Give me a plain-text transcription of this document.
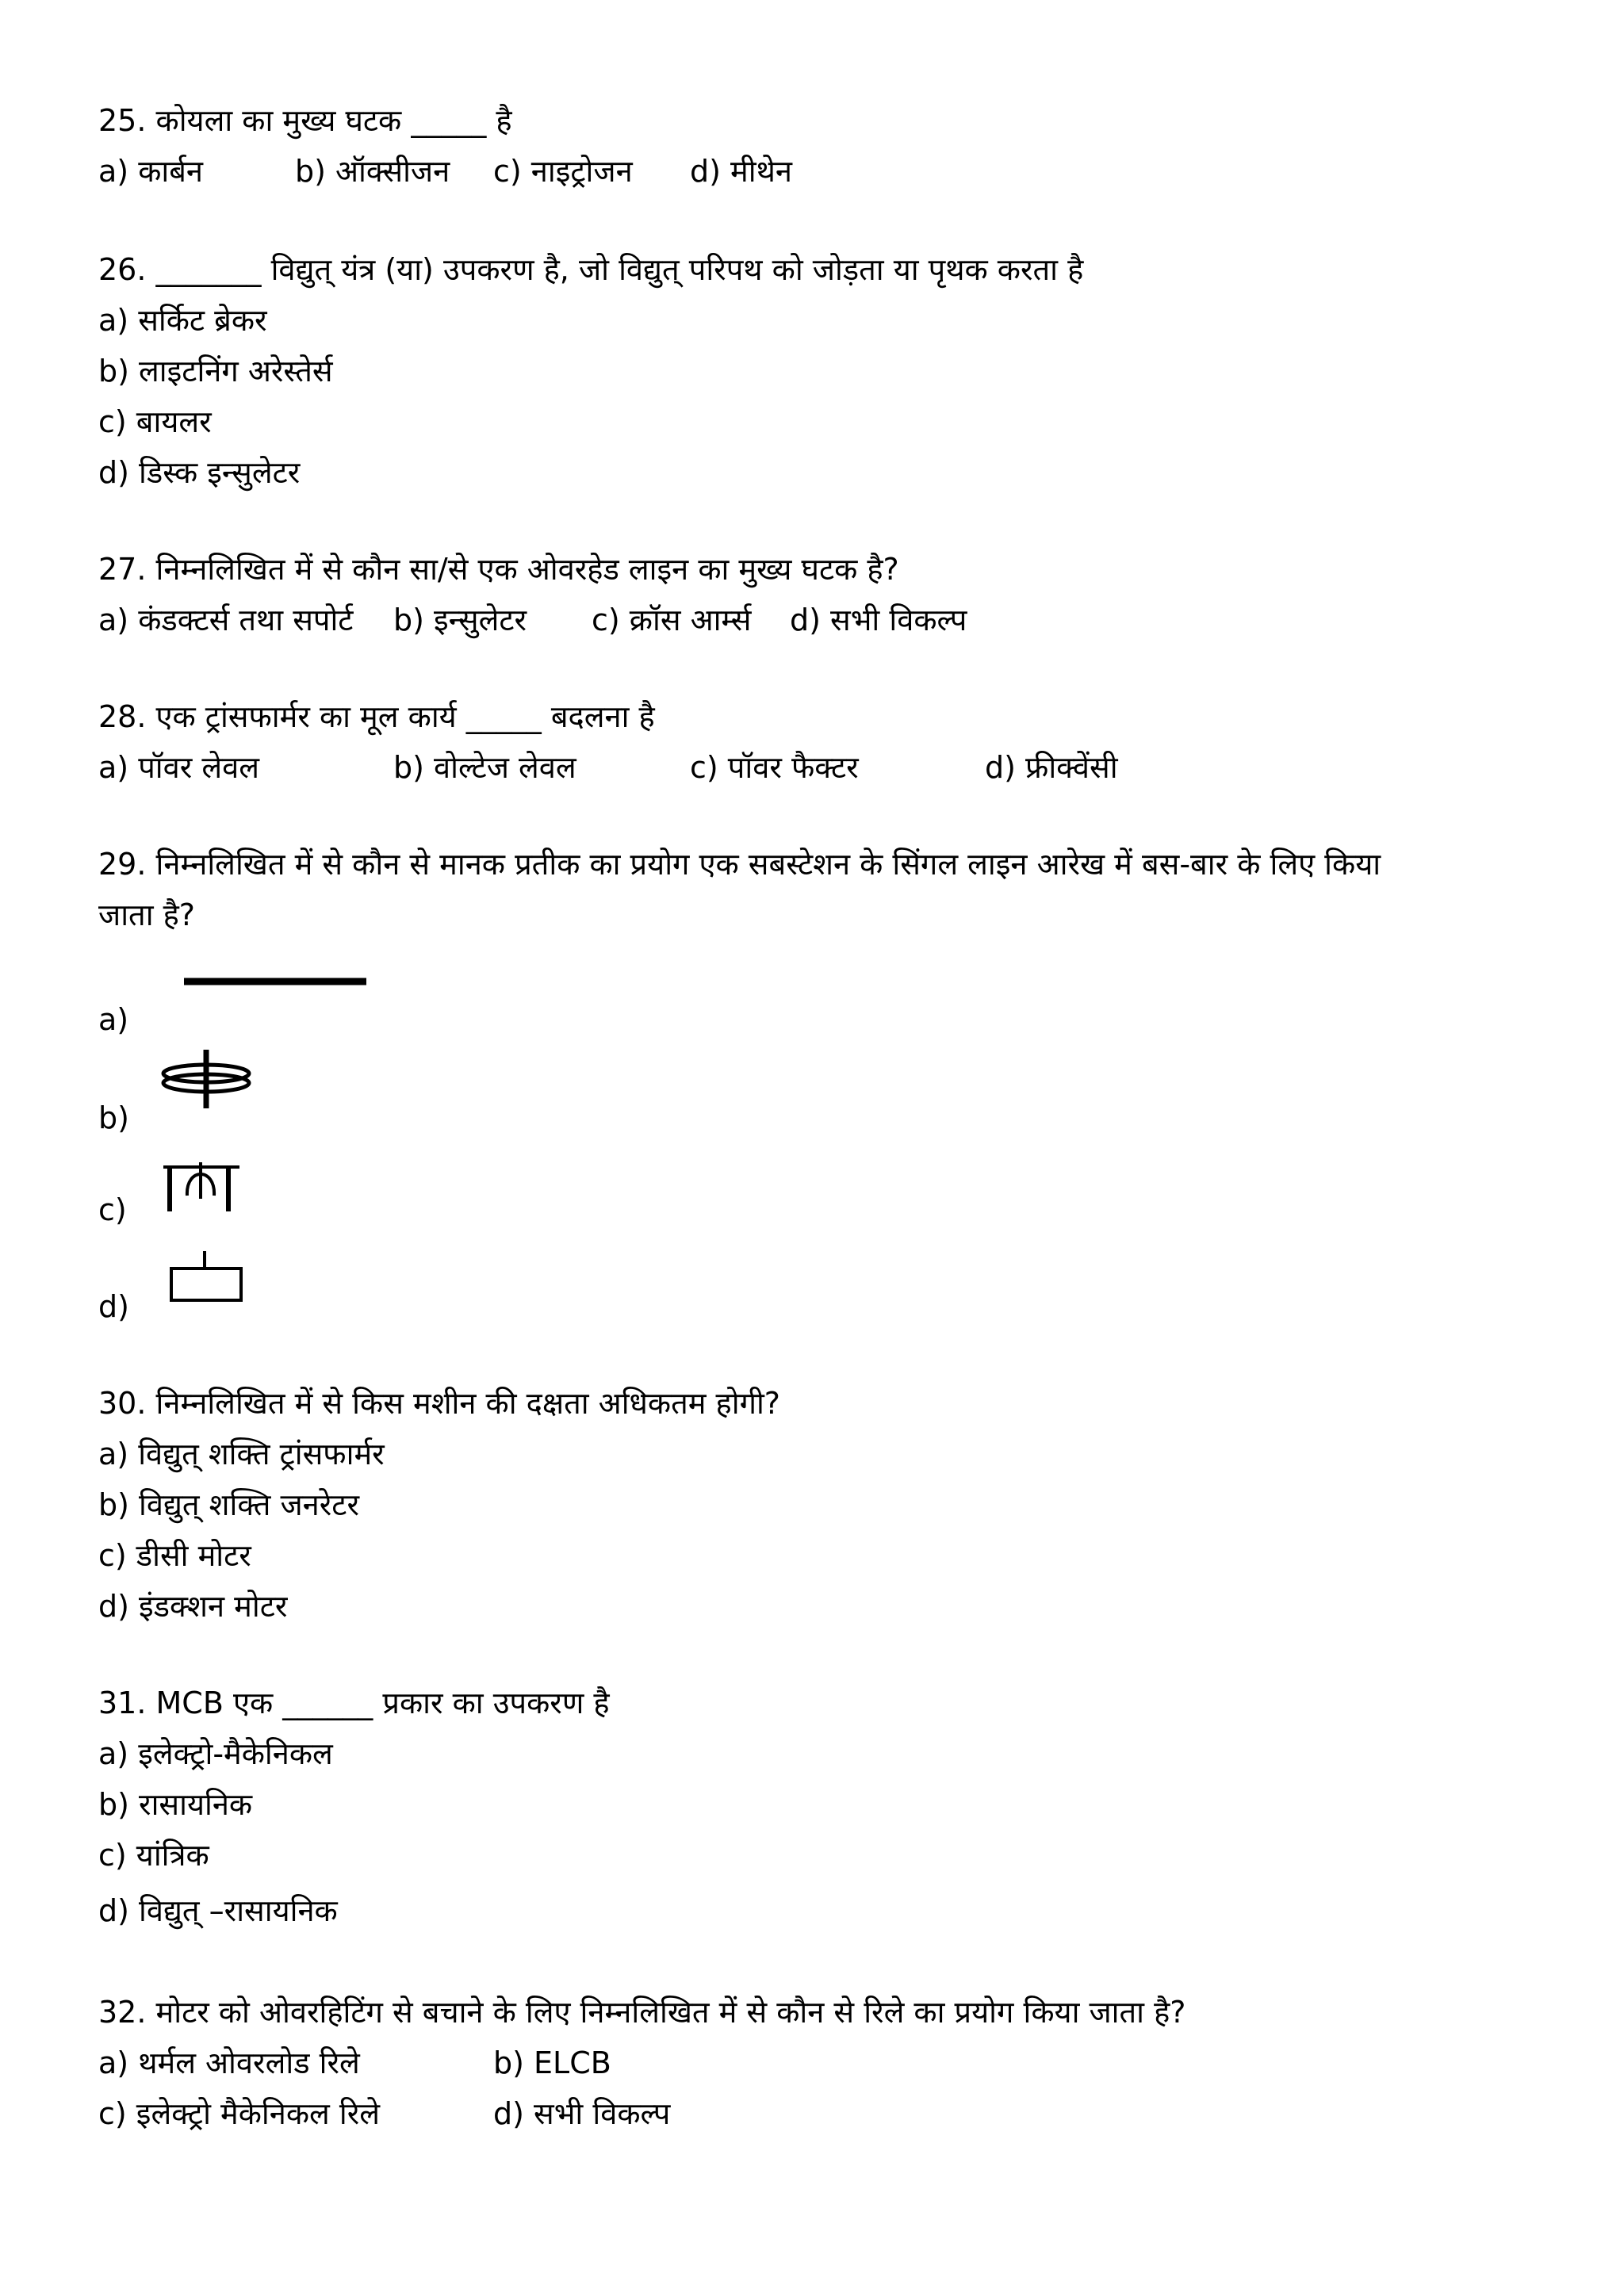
25. कोयला का मुख्य घटक _____ है
a) कार्बन	b) ऑक्सीजन c) नाइट्रोजन d) मीथेन
26. _______ विद्युत् यंत्र (या) उपकरण है, जो विद्युत् परिपथ को जोड़ता या पृथक करता है
a) सर्किट ब्रेकर
b) लाइटनिंग अरेस्तेर्स
c) बायलर
d) डिस्क इन्सुलेटर
27. निम्नलिखित में से कौन सा/से एक ओवरहेड लाइन का मुख्य घटक है?
a) कंडक्टर्स तथा सपोर्ट b) इन्सुलेटर c) क्रॉस आर्म्स d) सभी विकल्प
28. एक ट्रांसफार्मर का मूल कार्य _____ बदलना है
a) पॉवर लेवल	b) वोल्टेज लेवल	c) पॉवर फैक्टर	d) फ्रीक्वेंसी
29. निम्नलिखित में से कौन से मानक प्रतीक का प्रयोग एक सबस्टेशन के सिंगल लाइन आरेख में बस-बार के लिए किया
जाता है?
a)
b)
c)
d)
30. निम्नलिखित में से किस मशीन की दक्षता अधिकतम होगी?
a) विद्युत् शक्ति ट्रांसफार्मर
b) विद्युत् शक्ति जनरेटर
c) डीसी मोटर
d) इंडक्शन मोटर
31. MCB एक ______ प्रकार का उपकरण है
a) इलेक्ट्रो-मैकेनिकल
b) रासायनिक
c) यांत्रिक
d) विद्युत् –रासायनिक
32. मोटर को ओवरहिटिंग से बचाने के लिए निम्नलिखित में से कौन से रिले का प्रयोग किया जाता है?
a) थर्मल ओवरलोड रिले	b) ELCB
c) इलेक्ट्रो मैकेनिकल रिले	d) सभी विकल्प
